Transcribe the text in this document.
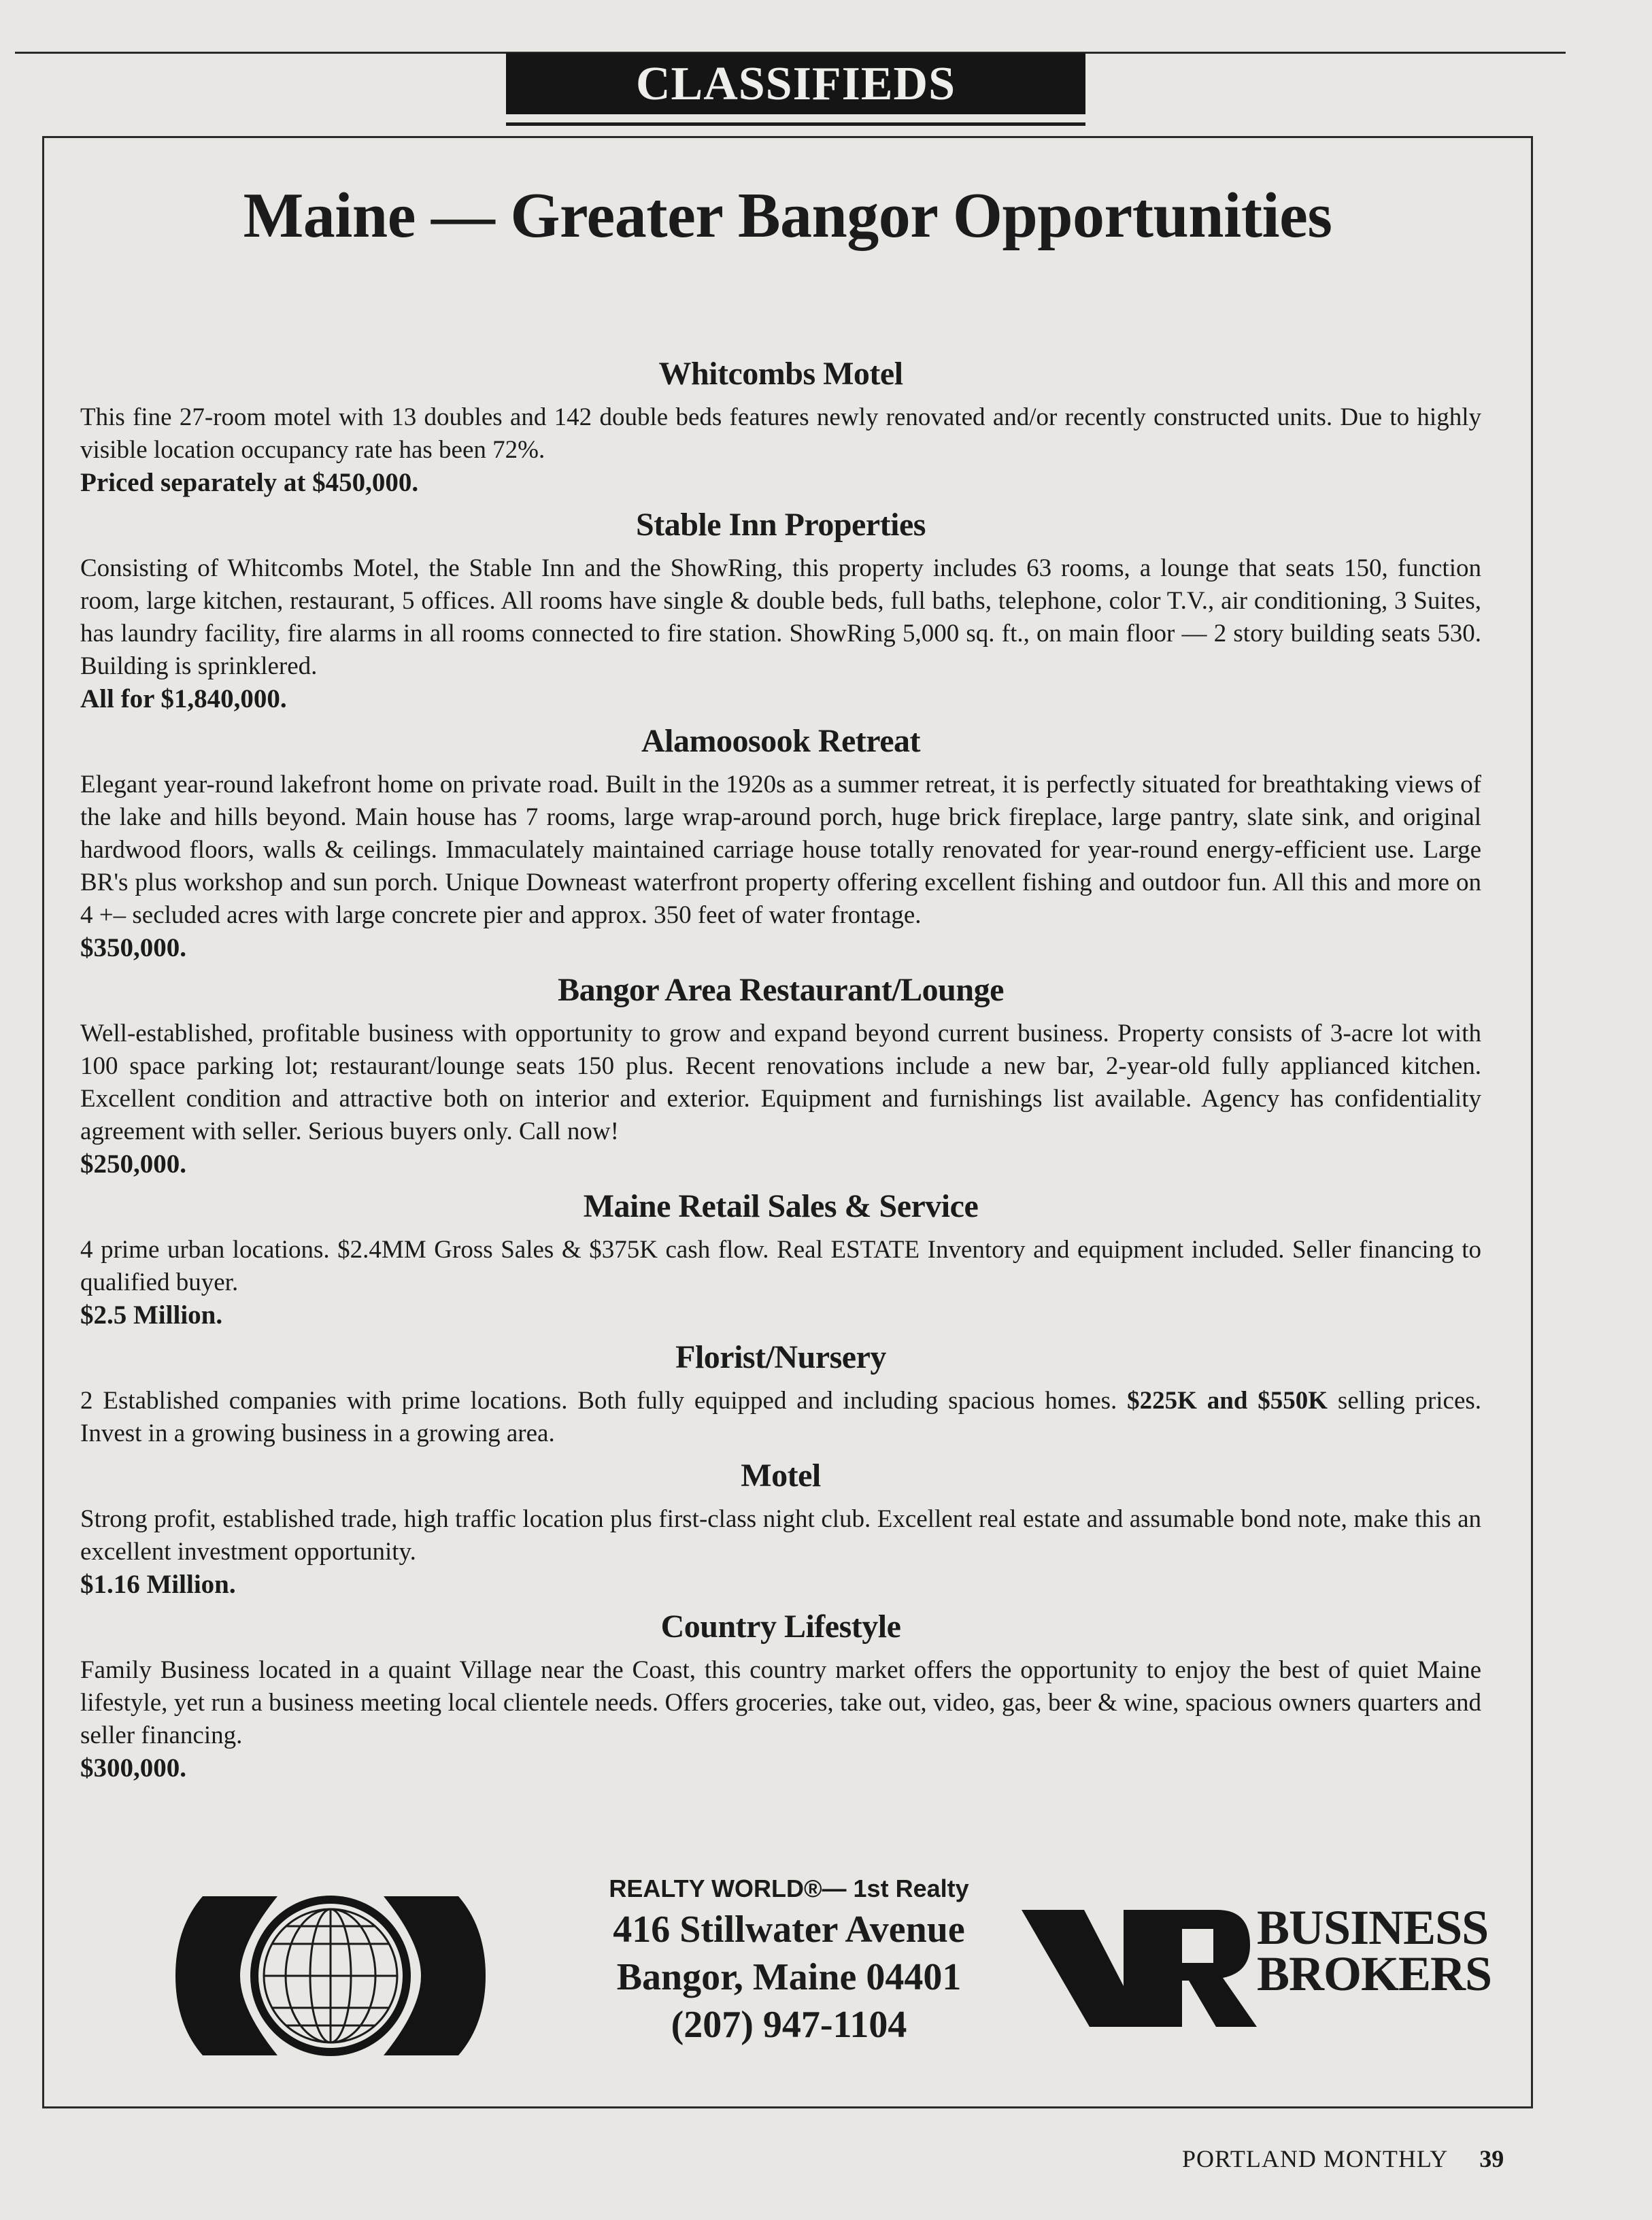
CLASSIFIEDS
Maine — Greater Bangor Opportunities
Whitcombs Motel

This fine 27-room motel with 13 doubles and 142 double beds features newly renovated and/or recently constructed units. Due to highly visible location occupancy rate has been 72%.
Priced separately at $450,000.

Stable Inn Properties

Consisting of Whitcombs Motel, the Stable Inn and the ShowRing, this property includes 63 rooms, a lounge that seats 150, function room, large kitchen, restaurant, 5 offices. All rooms have single & double beds, full baths, telephone, color T.V., air conditioning, 3 Suites, has laundry facility, fire alarms in all rooms connected to fire station. ShowRing 5,000 sq. ft., on main floor — 2 story building seats 530. Building is sprinklered.
All for $1,840,000.

Alamoosook Retreat

Elegant year-round lakefront home on private road. Built in the 1920s as a summer retreat, it is perfectly situated for breathtaking views of the lake and hills beyond. Main house has 7 rooms, large wrap-around porch, huge brick fireplace, large pantry, slate sink, and original hardwood floors, walls & ceilings. Immaculately maintained carriage house totally renovated for year-round energy-efficient use. Large BR's plus workshop and sun porch. Unique Downeast waterfront property offering excellent fishing and outdoor fun. All this and more on 4 +– secluded acres with large concrete pier and approx. 350 feet of water frontage.
$350,000.

Bangor Area Restaurant/Lounge

Well-established, profitable business with opportunity to grow and expand beyond current business. Property consists of 3-acre lot with 100 space parking lot; restaurant/lounge seats 150 plus. Recent renovations include a new bar, 2-year-old fully applianced kitchen. Excellent condition and attractive both on interior and exterior. Equipment and furnishings list available. Agency has confidentiality agreement with seller. Serious buyers only. Call now!
$250,000.

Maine Retail Sales & Service

4 prime urban locations. $2.4MM Gross Sales & $375K cash flow. Real ESTATE Inventory and equipment included. Seller financing to qualified buyer.
$2.5 Million.

Florist/Nursery

2 Established companies with prime locations. Both fully equipped and including spacious homes. $225K and $550K selling prices. Invest in a growing business in a growing area.

Motel

Strong profit, established trade, high traffic location plus first-class night club. Excellent real estate and assumable bond note, make this an excellent investment opportunity.
$1.16 Million.

Country Lifestyle

Family Business located in a quaint Village near the Coast, this country market offers the opportunity to enjoy the best of quiet Maine lifestyle, yet run a business meeting local clientele needs. Offers groceries, take out, video, gas, beer & wine, spacious owners quarters and seller financing.
$300,000.

REALTY WORLD®— 1st Realty
416 Stillwater Avenue
Bangor, Maine 04401
(207) 947-1104
BUSINESS
BROKERS
PORTLAND MONTHLY 39
